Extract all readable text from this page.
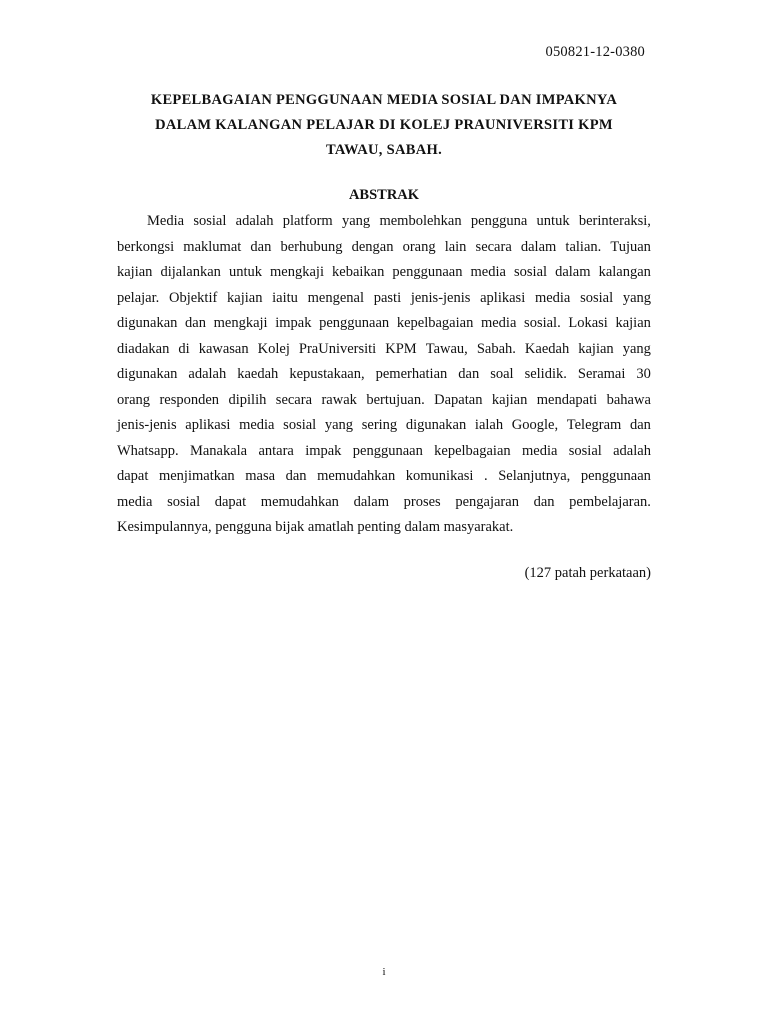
050821-12-0380
KEPELBAGAIAN PENGGUNAAN MEDIA SOSIAL DAN IMPAKNYA
DALAM KALANGAN PELAJAR DI KOLEJ PRAUNIVERSITI KPM
TAWAU, SABAH.
ABSTRAK
Media sosial adalah platform yang membolehkan pengguna untuk berinteraksi,
berkongsi maklumat dan berhubung dengan orang lain secara dalam talian. Tujuan
kajian dijalankan untuk mengkaji kebaikan penggunaan media sosial dalam kalangan
pelajar. Objektif kajian iaitu mengenal pasti jenis-jenis aplikasi media sosial yang
digunakan dan mengkaji impak penggunaan kepelbagaian media sosial. Lokasi kajian
diadakan di kawasan Kolej PraUniversiti KPM Tawau, Sabah. Kaedah kajian yang
digunakan adalah kaedah kepustakaan, pemerhatian dan soal selidik. Seramai 30
orang responden dipilih secara rawak bertujuan. Dapatan kajian mendapati bahawa
jenis-jenis aplikasi media sosial yang sering digunakan ialah Google, Telegram dan
Whatsapp. Manakala antara impak penggunaan kepelbagaian media sosial adalah
dapat menjimatkan masa dan memudahkan komunikasi . Selanjutnya, penggunaan
media sosial dapat memudahkan dalam proses pengajaran dan pembelajaran.
Kesimpulannya, pengguna bijak amatlah penting dalam masyarakat.
(127 patah perkataan)
i
